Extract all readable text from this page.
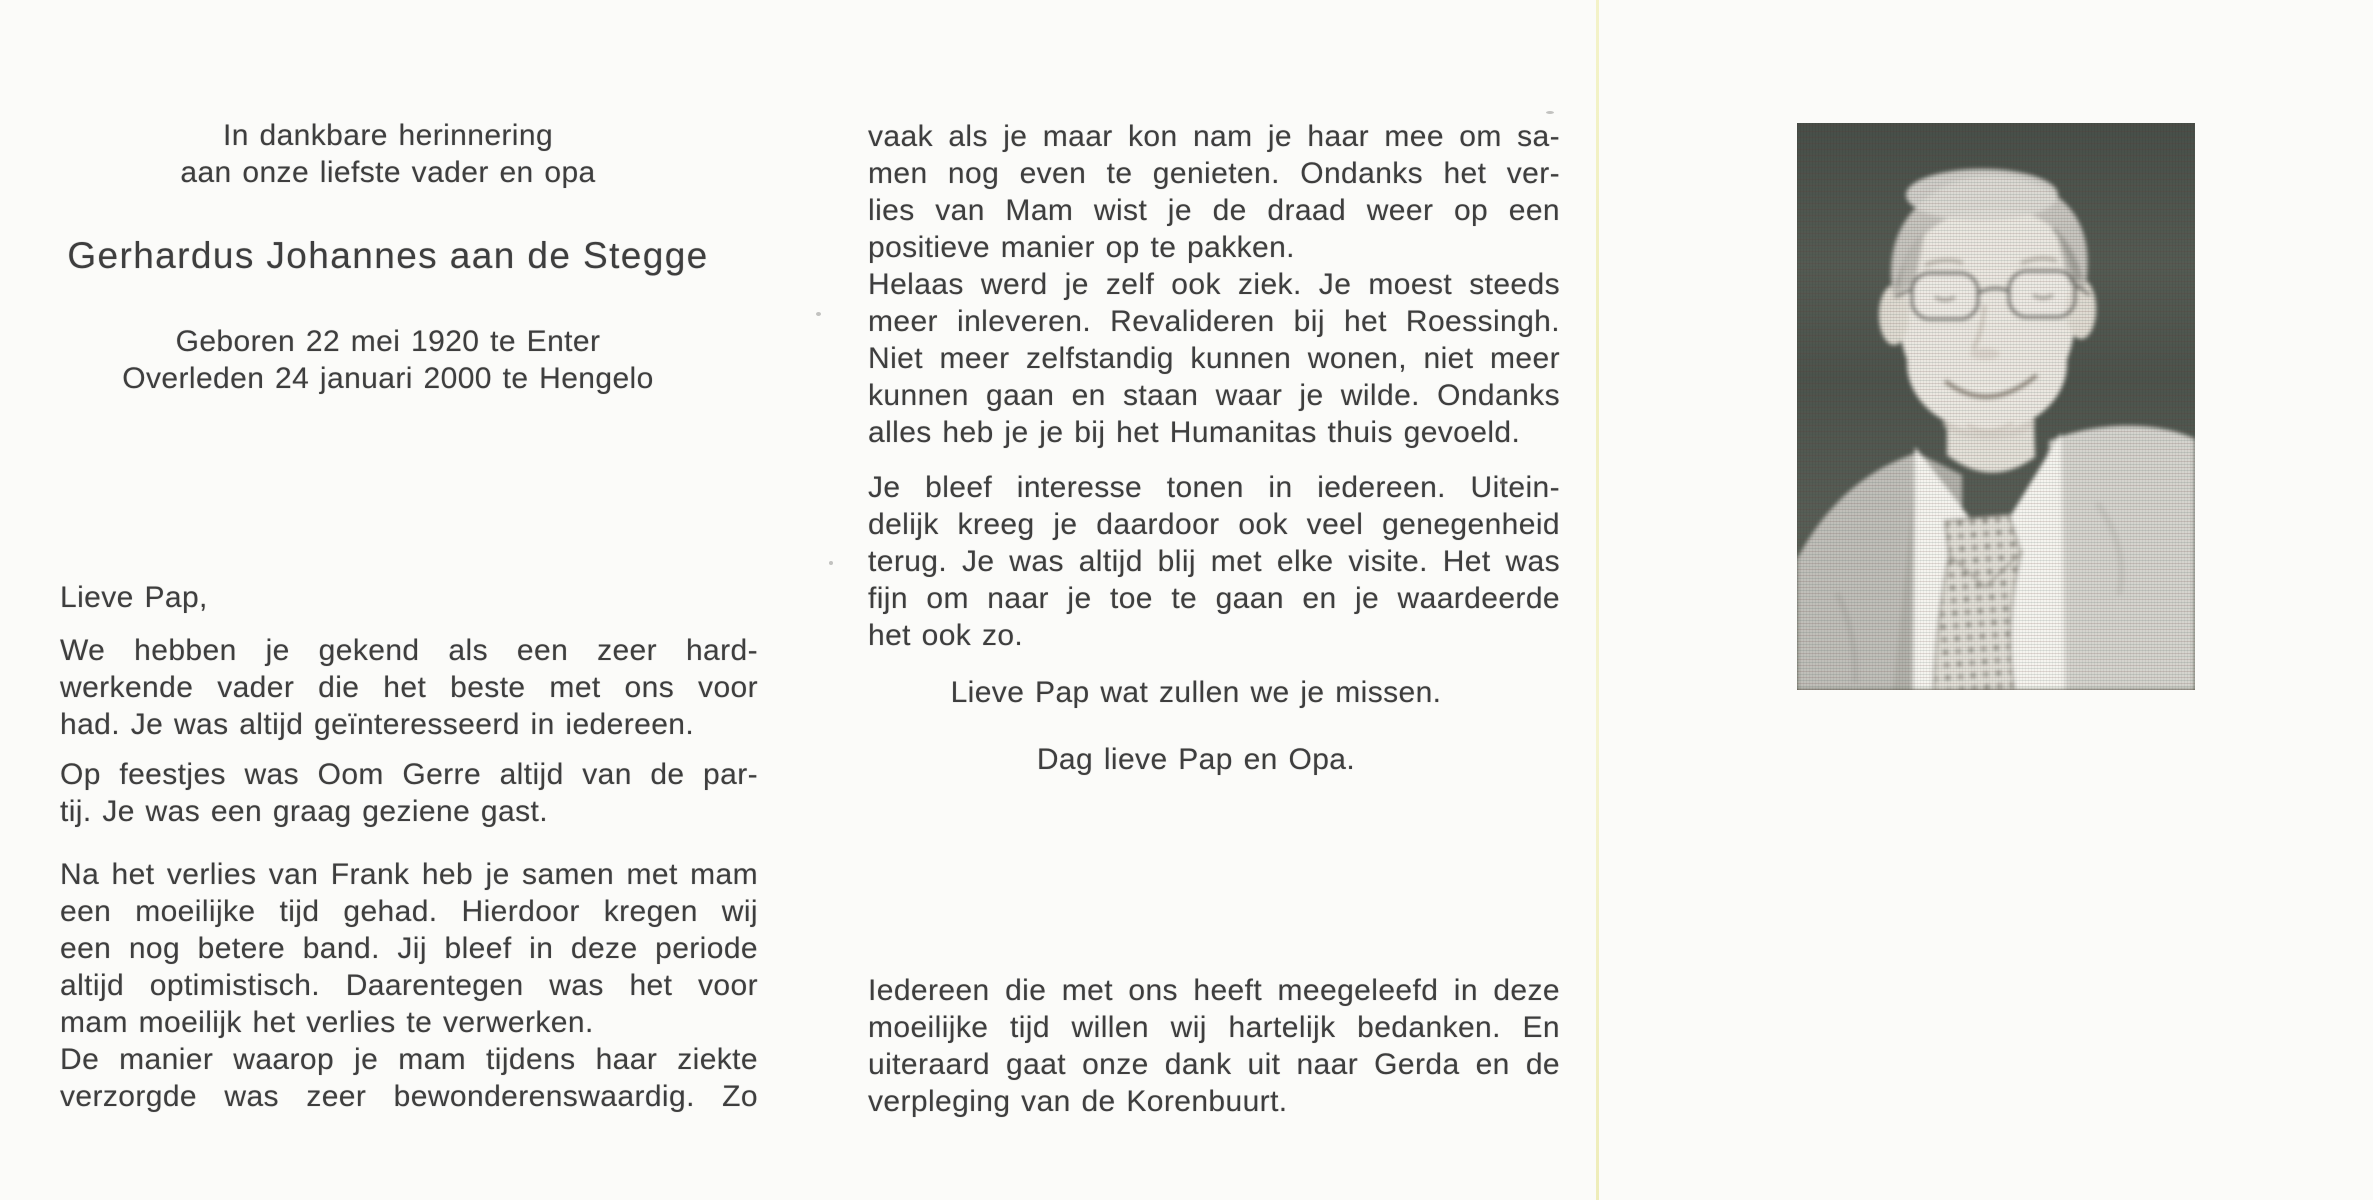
In dankbare herinnering
aan onze liefste vader en opa
Gerhardus Johannes aan de Stegge
Geboren 22 mei 1920 te Enter
Overleden 24 januari 2000 te Hengelo
Lieve Pap,
We hebben je gekend als een zeer hard-
werkende vader die het beste met ons voor
had. Je was altijd geïnteresseerd in iedereen.
Op feestjes was Oom Gerre altijd van de par-
tij. Je was een graag geziene gast.
Na het verlies van Frank heb je samen met mam
een moeilijke tijd gehad. Hierdoor kregen wij
een nog betere band. Jij bleef in deze periode
altijd optimistisch. Daarentegen was het voor
mam moeilijk het verlies te verwerken.
De manier waarop je mam tijdens haar ziekte
verzorgde was zeer bewonderenswaardig. Zo
vaak als je maar kon nam je haar mee om sa-
men nog even te genieten. Ondanks het ver-
lies van Mam wist je de draad weer op een
positieve manier op te pakken.
Helaas werd je zelf ook ziek. Je moest steeds
meer inleveren. Revalideren bij het Roessingh.
Niet meer zelfstandig kunnen wonen, niet meer
kunnen gaan en staan waar je wilde. Ondanks
alles heb je je bij het Humanitas thuis gevoeld.
Je bleef interesse tonen in iedereen. Uitein-
delijk kreeg je daardoor ook veel genegenheid
terug. Je was altijd blij met elke visite. Het was
fijn om naar je toe te gaan en je waardeerde
het ook zo.
Lieve Pap wat zullen we je missen.
Dag lieve Pap en Opa.
Iedereen die met ons heeft meegeleefd in deze
moeilijke tijd willen wij hartelijk bedanken. En
uiteraard gaat onze dank uit naar Gerda en de
verpleging van de Korenbuurt.
